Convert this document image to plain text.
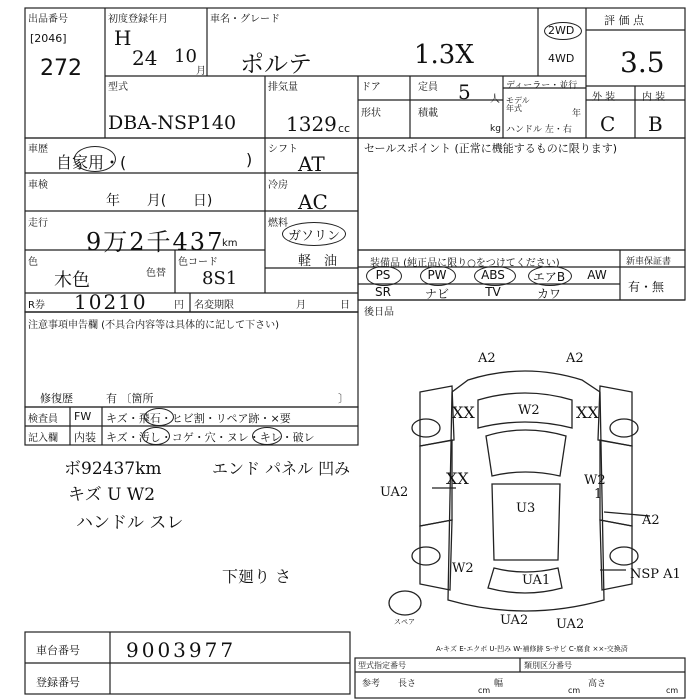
出品番号
[2046]
272
初度登録年月
H
24 10
月
車名・グレード
ポルテ	1.3X
2WD
4WD
評 価 点
3.5
外 装	内 装
C B
型式
DBA-NSP140
排気量
1329 cc
ドア	定員 5 人
形状	積載
kg
ディーラー・並行
モデル
年式
年
ハンドル 左・右
車歴
自家用・(	)
シフト
AT
車検
年      月(      日)
冷房
AC
走行
9万2千437
km
燃料
ガソリン
軽　油
色
木色	色替
色コード
8S1
R券 10210	円 名変期限	月	日
注意事項申告欄 (不具合内容等は具体的に記して下さい)
修復歴	有 〔箇所	〕
セールスポイント (正常に機能するものに限ります)
装備品 (純正品に限り○をつけてください)	新車保証書
有・無
PS	PW	ABS	エアB	AW
SR	ナビ	TV	カワ
後日品
検査員
記入欄
FW
内装
キズ・飛石・ヒビ割・リペア跡・×要
キズ・汚し・コゲ・穴・ヌレ・キレ・破レ
ボ92437km
キズ U W2
ハンドル スレ
エンド パネル 凹み
下廻り さ
A2	A2
XX	W2 XX
XX
UA2
W2
1
U3
A2
W2
UA1	NSP A1
UA2 UA2
スペア
A-キズ E-エクボ U-凹み W-補修跡 S-サビ C-腐食 ××-交換済
車台番号 9003977
登録番号
型式指定番号	類別区分番号
参考 長さ
cm
幅
cm
高さ
cm
